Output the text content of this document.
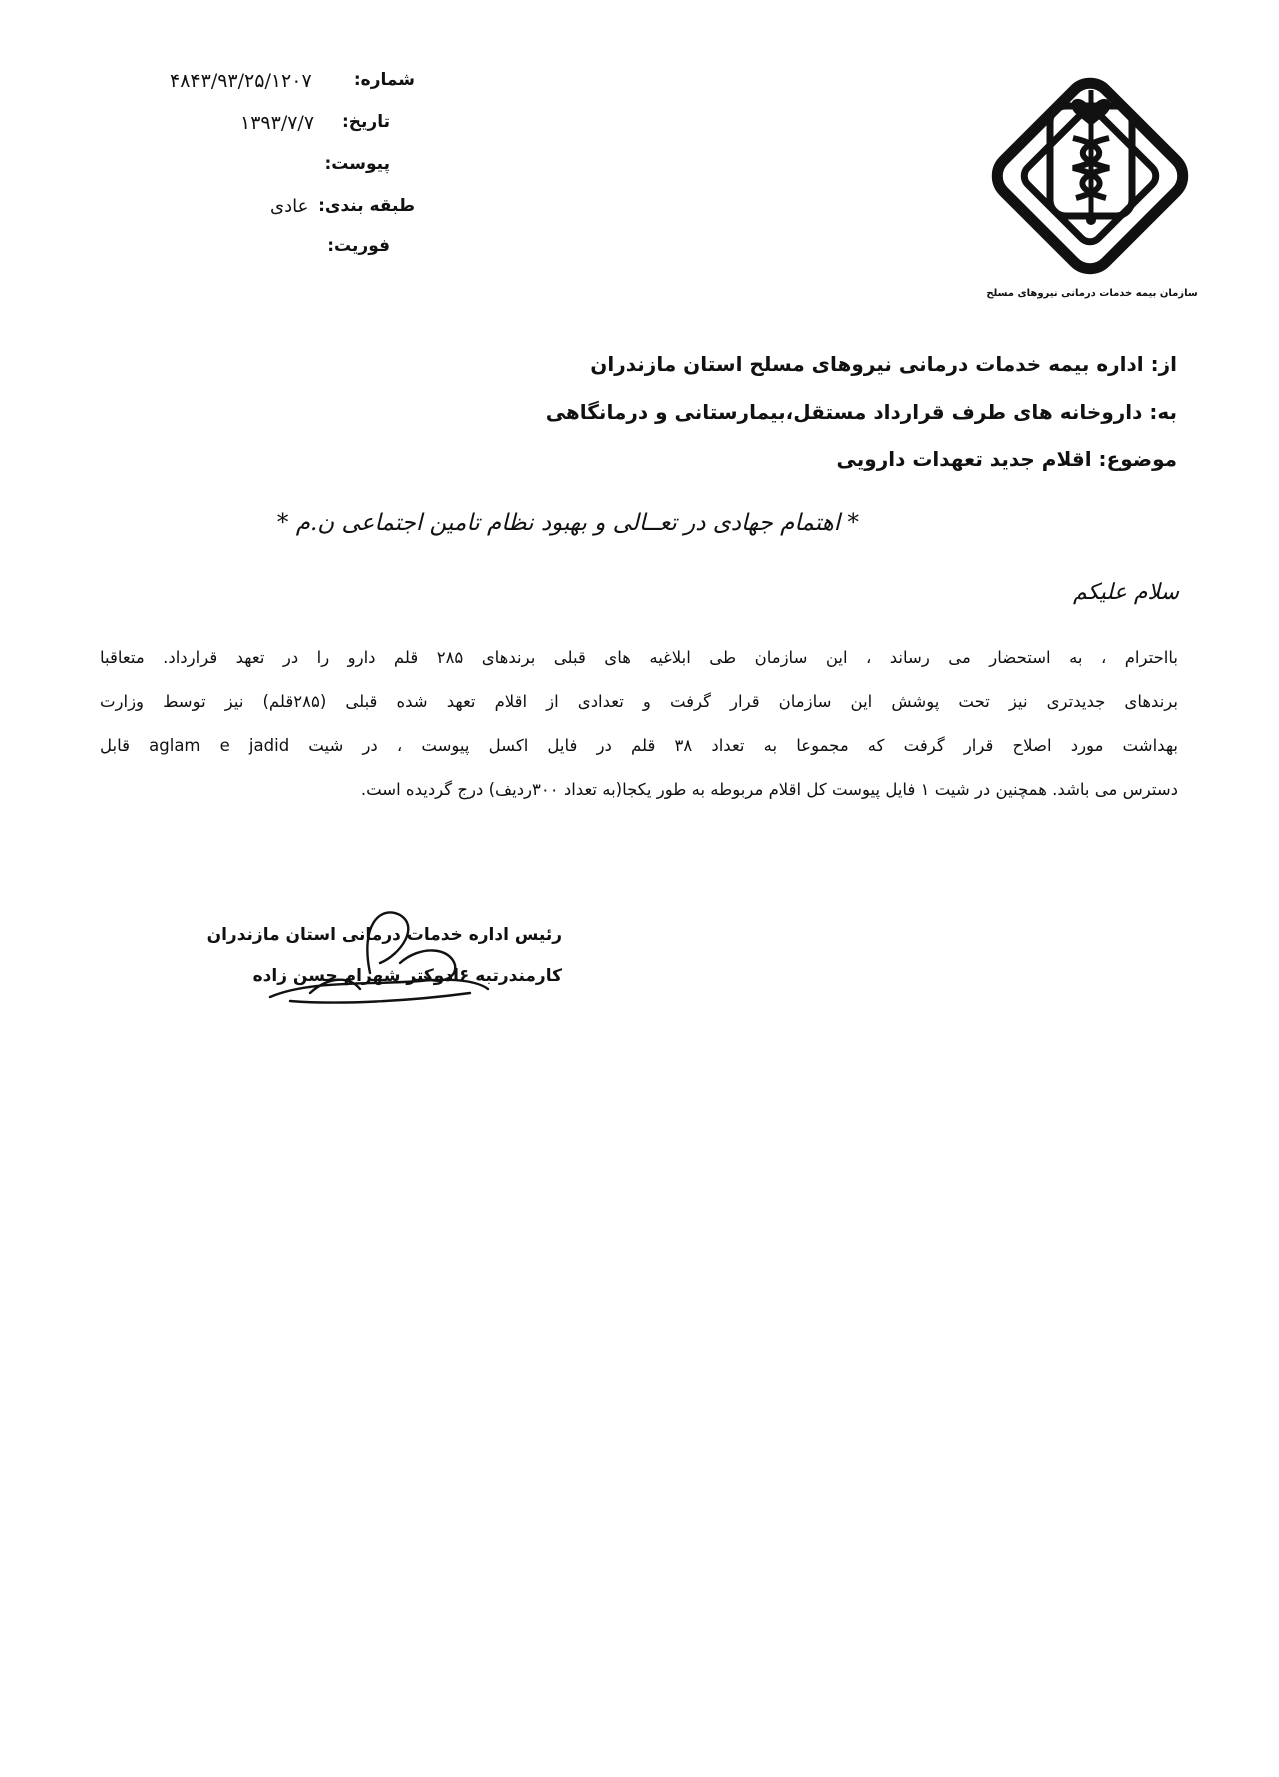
سازمان بیمه خدمات درمانی نیروهای مسلح
شماره:
۴۸۴۳/۹۳/۲۵/۱۲۰۷
تاریخ:
۱۳۹۳/۷/۷
پیوست:
طبقه بندی:
عادی
فوریت:
از: اداره بیمه خدمات درمانی نیروهای مسلح استان مازندران
به: داروخانه های طرف قرارداد مستقل،بیمارستانی و درمانگاهی
موضوع: اقلام جدید تعهدات دارویی
* اهتمام جهادی در تعــالی و بهبود نظام تامین اجتماعی ن.م *
سلام علیکم
بااحترام ، به استحضار می رساند ، این سازمان طی ابلاغیه های قبلی برندهای ۲۸۵ قلم دارو را در تعهد قرارداد. متعاقبا
برندهای جدیدتری نیز تحت پوشش این سازمان قرار گرفت و تعدادی از اقلام تعهد شده قبلی (۲۸۵قلم) نیز توسط وزارت
بهداشت مورد اصلاح قرار گرفت که مجموعا به تعداد ۳۸ قلم در فایل اکسل پیوست ، در شیت aglam e jadid قابل
دسترس می باشد. همچنین در شیت ۱ فایل پیوست کل اقلام مربوطه به طور یکجا(به تعداد ۳۰۰ردیف) درج گردیده است.
رئیس اداره خدمات درمانی استان مازندران
کارمندرتبه ۶ادوکتر شهرام حسن زاده
